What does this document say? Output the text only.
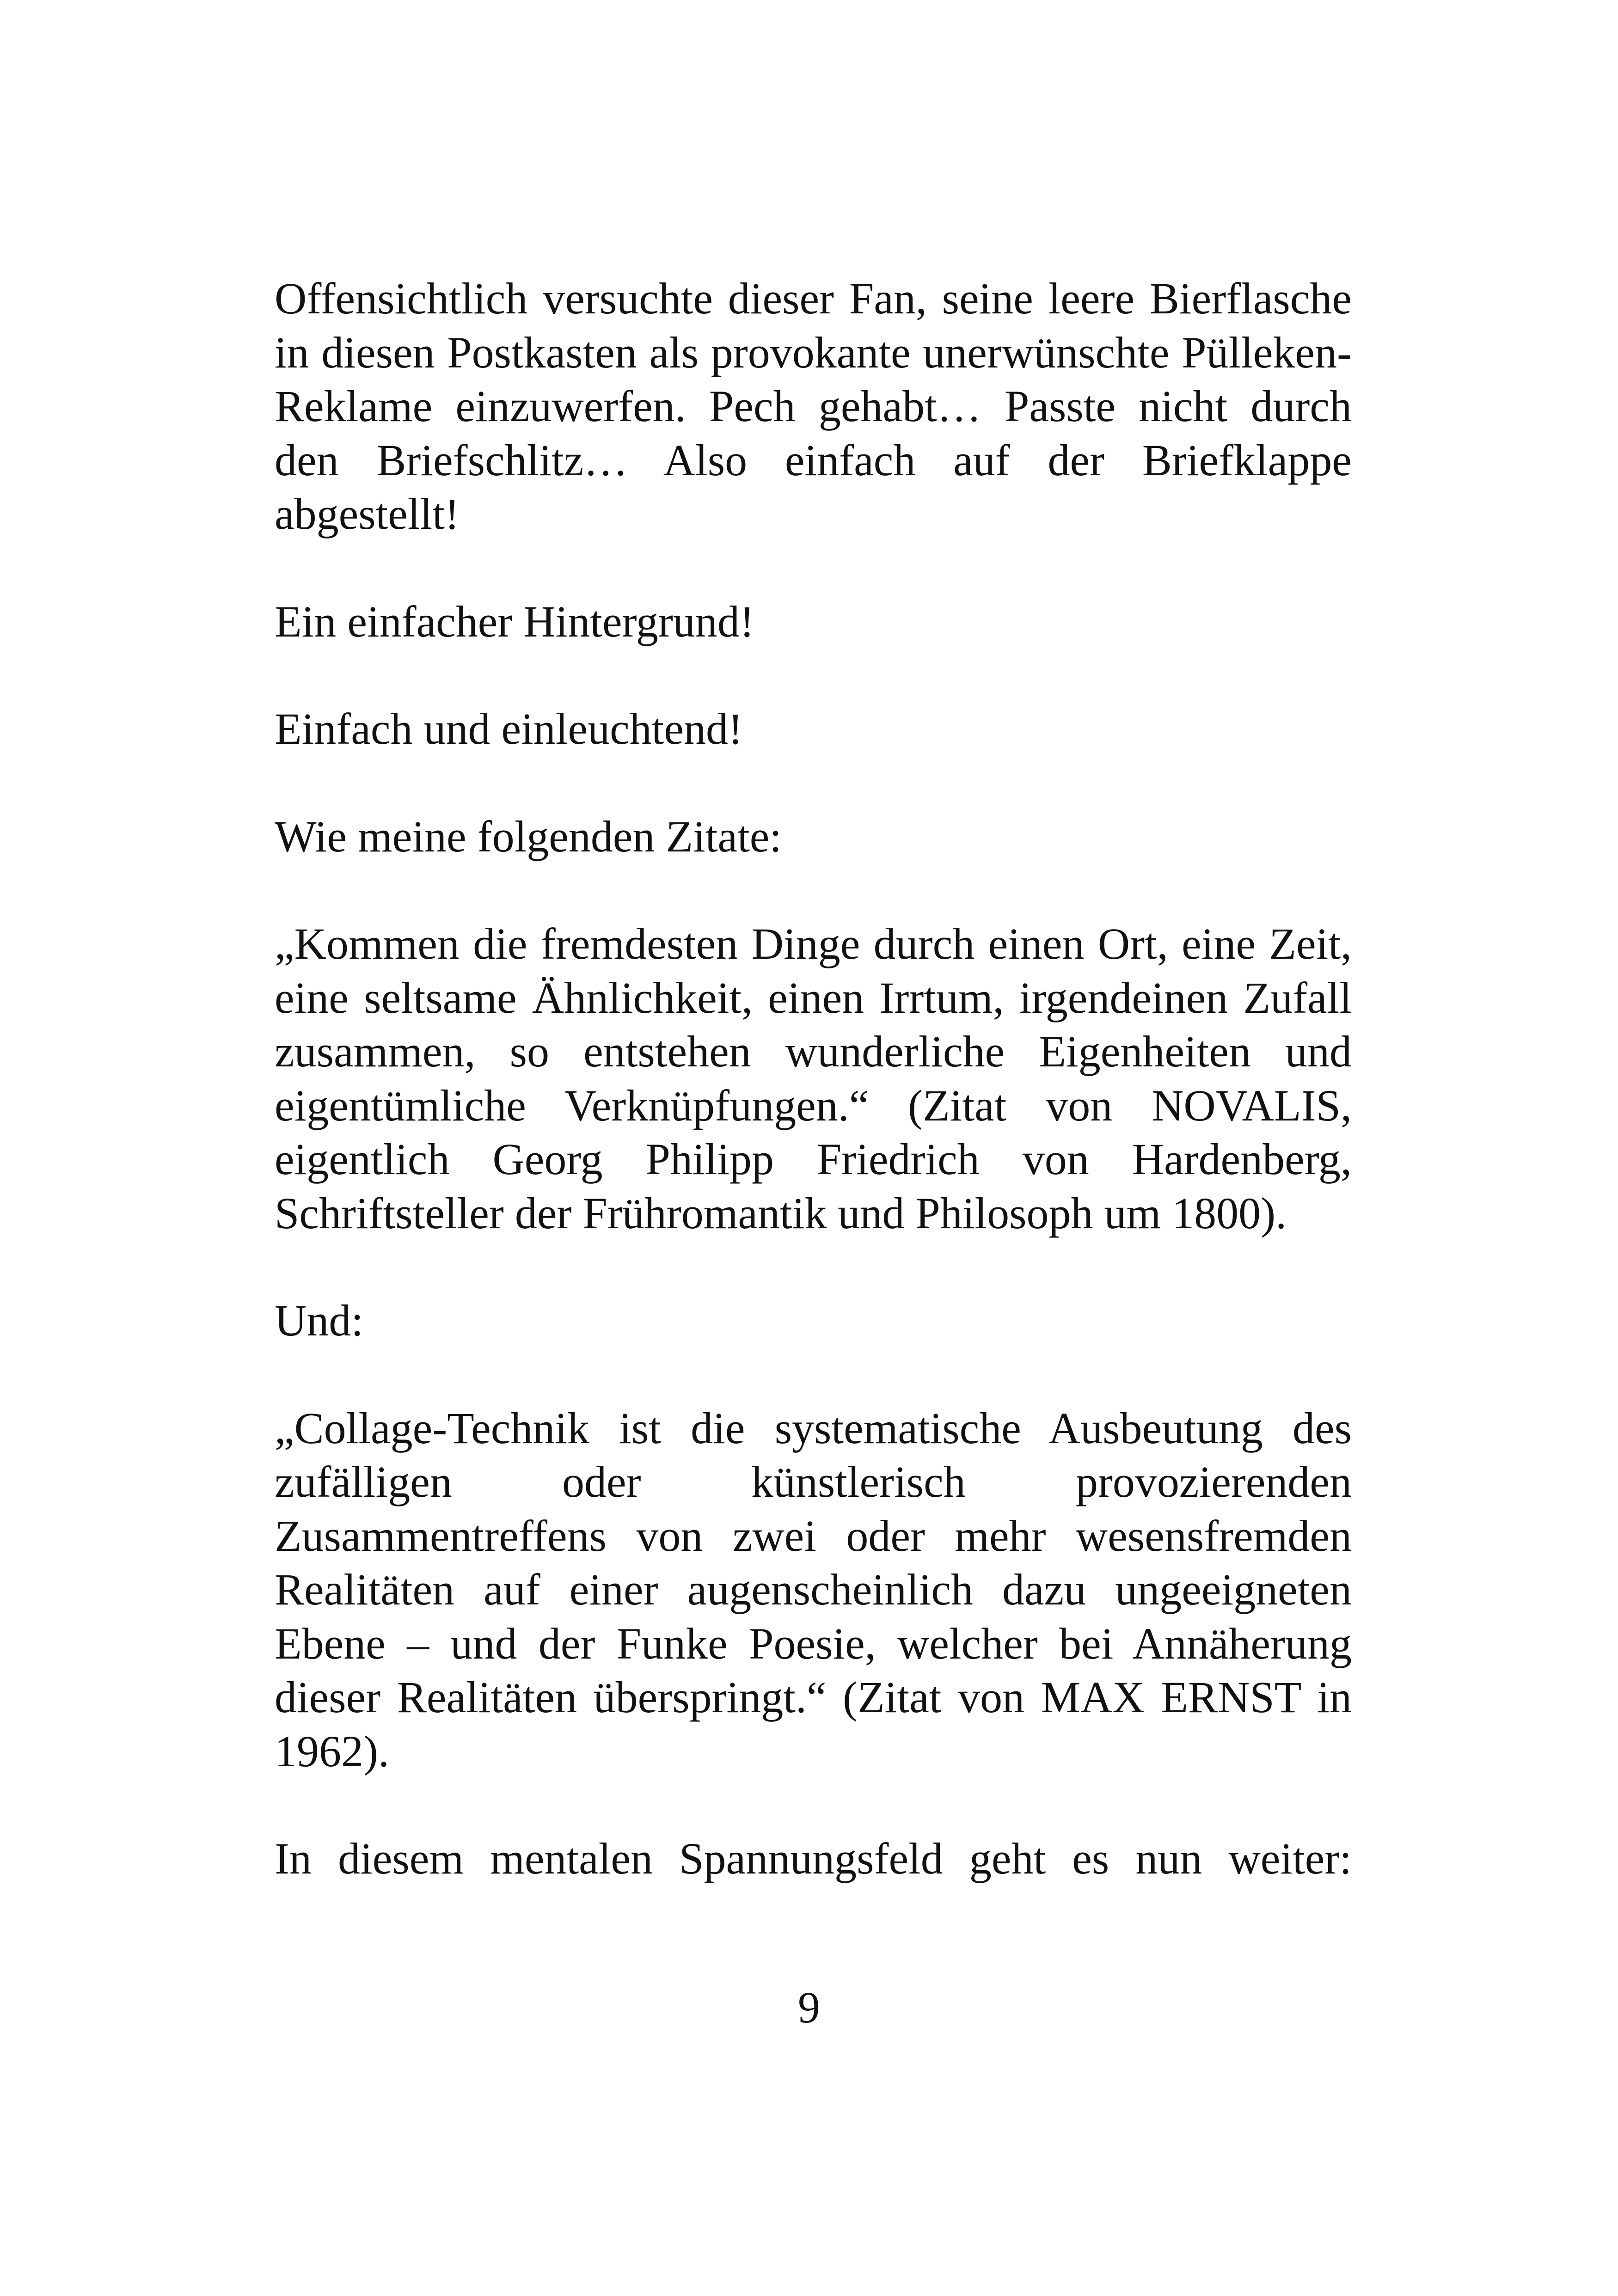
Offensichtlich versuchte dieser Fan, seine leere Bierflasche in diesen Postkasten als provokante unerwünschte Pülleken-Reklame einzuwerfen. Pech gehabt… Passte nicht durch den Briefschlitz… Also einfach auf der Briefklappe abgestellt!

Ein einfacher Hintergrund!

Einfach und einleuchtend!

Wie meine folgenden Zitate:

„Kommen die fremdesten Dinge durch einen Ort, eine Zeit, eine seltsame Ähnlichkeit, einen Irrtum, irgendeinen Zufall zusammen, so entstehen wunderliche Eigenheiten und eigentümliche Verknüpfungen.“ (Zitat von NOVALIS, eigentlich Georg Philipp Friedrich von Hardenberg, Schriftsteller der Frühromantik und Philosoph um 1800).

Und:

„Collage-Technik ist die systematische Ausbeutung des zufälligen oder künstlerisch provozierenden Zusammentreffens von zwei oder mehr wesensfremden Realitäten auf einer augenscheinlich dazu ungeeigneten Ebene – und der Funke Poesie, welcher bei Annäherung dieser Realitäten überspringt.“ (Zitat von MAX ERNST in 1962).

In diesem mentalen Spannungsfeld geht es nun weiter:

9
